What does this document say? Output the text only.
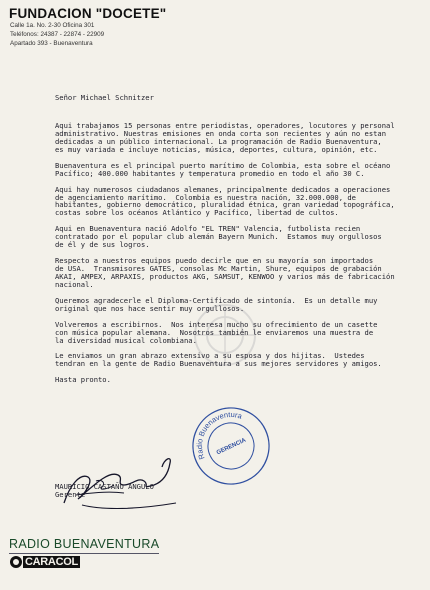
FUNDACION "DOCETE"
Calle 1a. No. 2-30 Oficina 301
Teléfonos: 24387 - 22874 - 22909
Apartado 393 - Buenaventura

Señor Michael Schnitzer

Aqui trabajamos 15 personas entre periodistas, operadores, locutores y personal
administrativo. Nuestras emisiones en onda corta son recientes y aún no estan
dedicadas a un público internacional. La programación de Radio Buenaventura,
es muy variada e incluye noticias, música, deportes, cultura, opinión, etc.

Buenaventura es el principal puerto marítimo de Colombia, esta sobre el océano
Pacífico; 400.000 habitantes y temperatura promedio en todo el año 30 C.

Aqui hay numerosos ciudadanos alemanes, principalmente dedicados a operaciones
de agenciamiento marítimo.  Colombia es nuestra nación, 32.000.000, de
habitantes, gobierno democrático, pluralidad étnica, gran variedad topográfica,
costas sobre los océanos Atlántico y Pacífico, libertad de cultos.

Aqui en Buenaventura nació Adolfo "EL TREN" Valencia, futbolista recien
contratado por el popular club alemán Bayern Munich.  Estamos muy orgullosos
de él y de sus logros.

Respecto a nuestros equipos puedo decirle que en su mayoría son importados
de USA.  Transmisores GATES, consolas Mc Martin, Shure, equipos de grabación
AKAI, AMPEX, ARPAXIS, productos AKG, SAMSUT, KENWOO y varios más de fabricación
nacional.

Queremos agradecerle el Diploma-Certificado de sintonía.  Es un detalle muy
original que nos hace sentir muy orgullosos.

Volveremos a escribirnos.  Nos interesa mucho su ofrecimiento de un casette
con música popular alemana.  Nosotros también le enviaremos una muestra de
la diversidad musical colombiana.

Le enviamos un gran abrazo extensivo a su esposa y dos hijitas.  Ustedes
tendran en la gente de Radio Buenaventura a sus mejores servidores y amigos.

Hasta pronto.

MAURICIO CASTAÑO ANGULO
Gerente
Radio Buenaventura
GERENCIA
RADIO BUENAVENTURA
CARACOL
